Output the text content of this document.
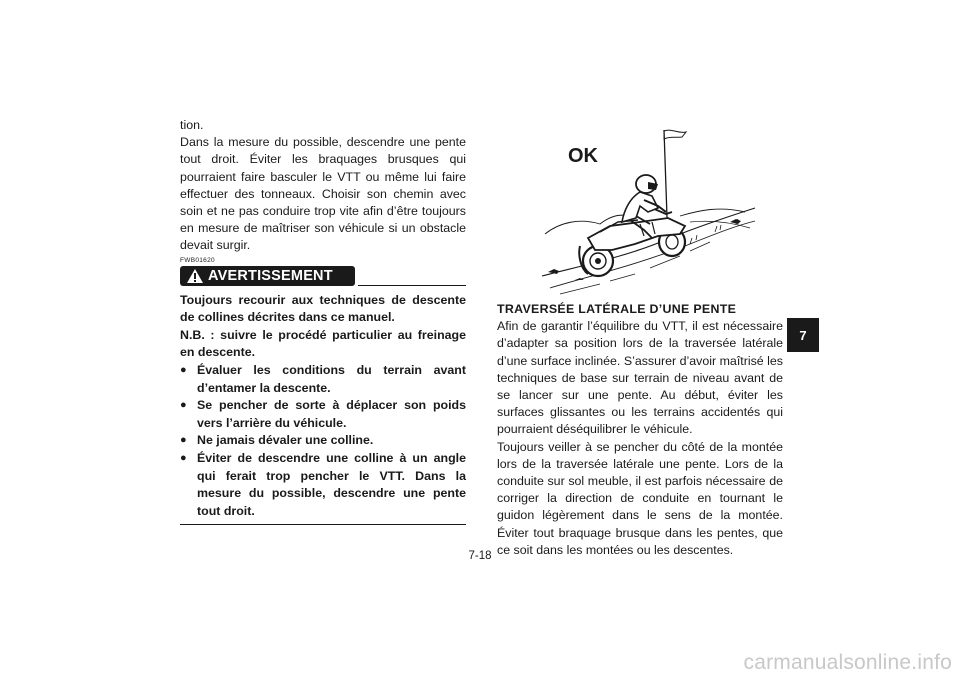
tion.

Dans la mesure du possible, descendre une pente tout droit. Éviter les braquages brusques qui pourraient faire basculer le VTT ou même lui faire effectuer des tonneaux. Choisir son chemin avec soin et ne pas conduire trop vite afin d’être toujours en mesure de maîtriser son véhicule si un obstacle devait surgir.

FWB01620

AVERTISSEMENT

Toujours recourir aux techniques de descente de collines décrites dans ce manuel.

N.B. : suivre le procédé particulier au freinage en descente.

● Évaluer les conditions du terrain avant d’entamer la descente.
● Se pencher de sorte à déplacer son poids vers l’arrière du véhicule.
● Ne jamais dévaler une colline.
● Éviter de descendre une colline à un angle qui ferait trop pencher le VTT. Dans la mesure du possible, descendre une pente tout droit.
OK

TRAVERSÉE LATÉRALE D’UNE PENTE

Afin de garantir l’équilibre du VTT, il est nécessaire d’adapter sa position lors de la traversée latérale d’une surface inclinée. S’assurer d’avoir maîtrisé les techniques de base sur terrain de niveau avant de se lancer sur une pente. Au début, éviter les surfaces glissantes ou les terrains accidentés qui pourraient déséquilibrer le véhicule.

Toujours veiller à se pencher du côté de la montée lors de la traversée latérale une pente. Lors de la conduite sur sol meuble, il est parfois nécessaire de corriger la direction de conduite en tournant le guidon légèrement dans le sens de la montée. Éviter tout braquage brusque dans les pentes, que ce soit dans les montées ou les descentes.

7
7-18
carmanualsonline.info
